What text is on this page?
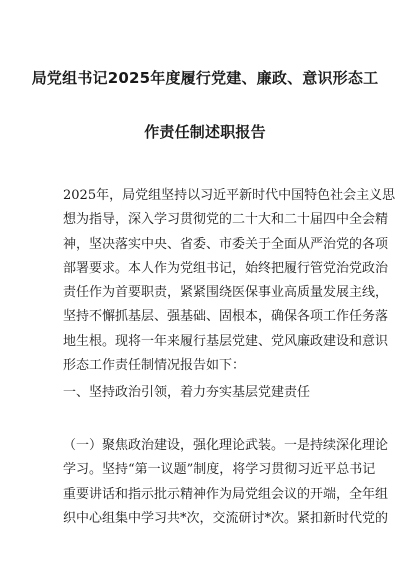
局党组书记2025年度履行党建、廉政、意识形态工
作责任制述职报告
2025年，局党组坚持以习近平新时代中国特色社会主义思
想为指导，深入学习贯彻党的二十大和二十届四中全会精
神，坚决落实中央、省委、市委关于全面从严治党的各项
部署要求。本人作为党组书记，始终把履行管党治党政治
责任作为首要职责，紧紧围绕医保事业高质量发展主线，
坚持不懈抓基层、强基础、固根本，确保各项工作任务落
地生根。现将一年来履行基层党建、党风廉政建设和意识
形态工作责任制情况报告如下：
一、坚持政治引领，着力夯实基层党建责任
（一）聚焦政治建设，强化理论武装。一是持续深化理论
学习。坚持“第一议题”制度，将学习贯彻习近平总书记
重要讲话和指示批示精神作为局党组会议的开端，全年组
织中心组集中学习共*次，交流研讨*次。紧扣新时代党的
